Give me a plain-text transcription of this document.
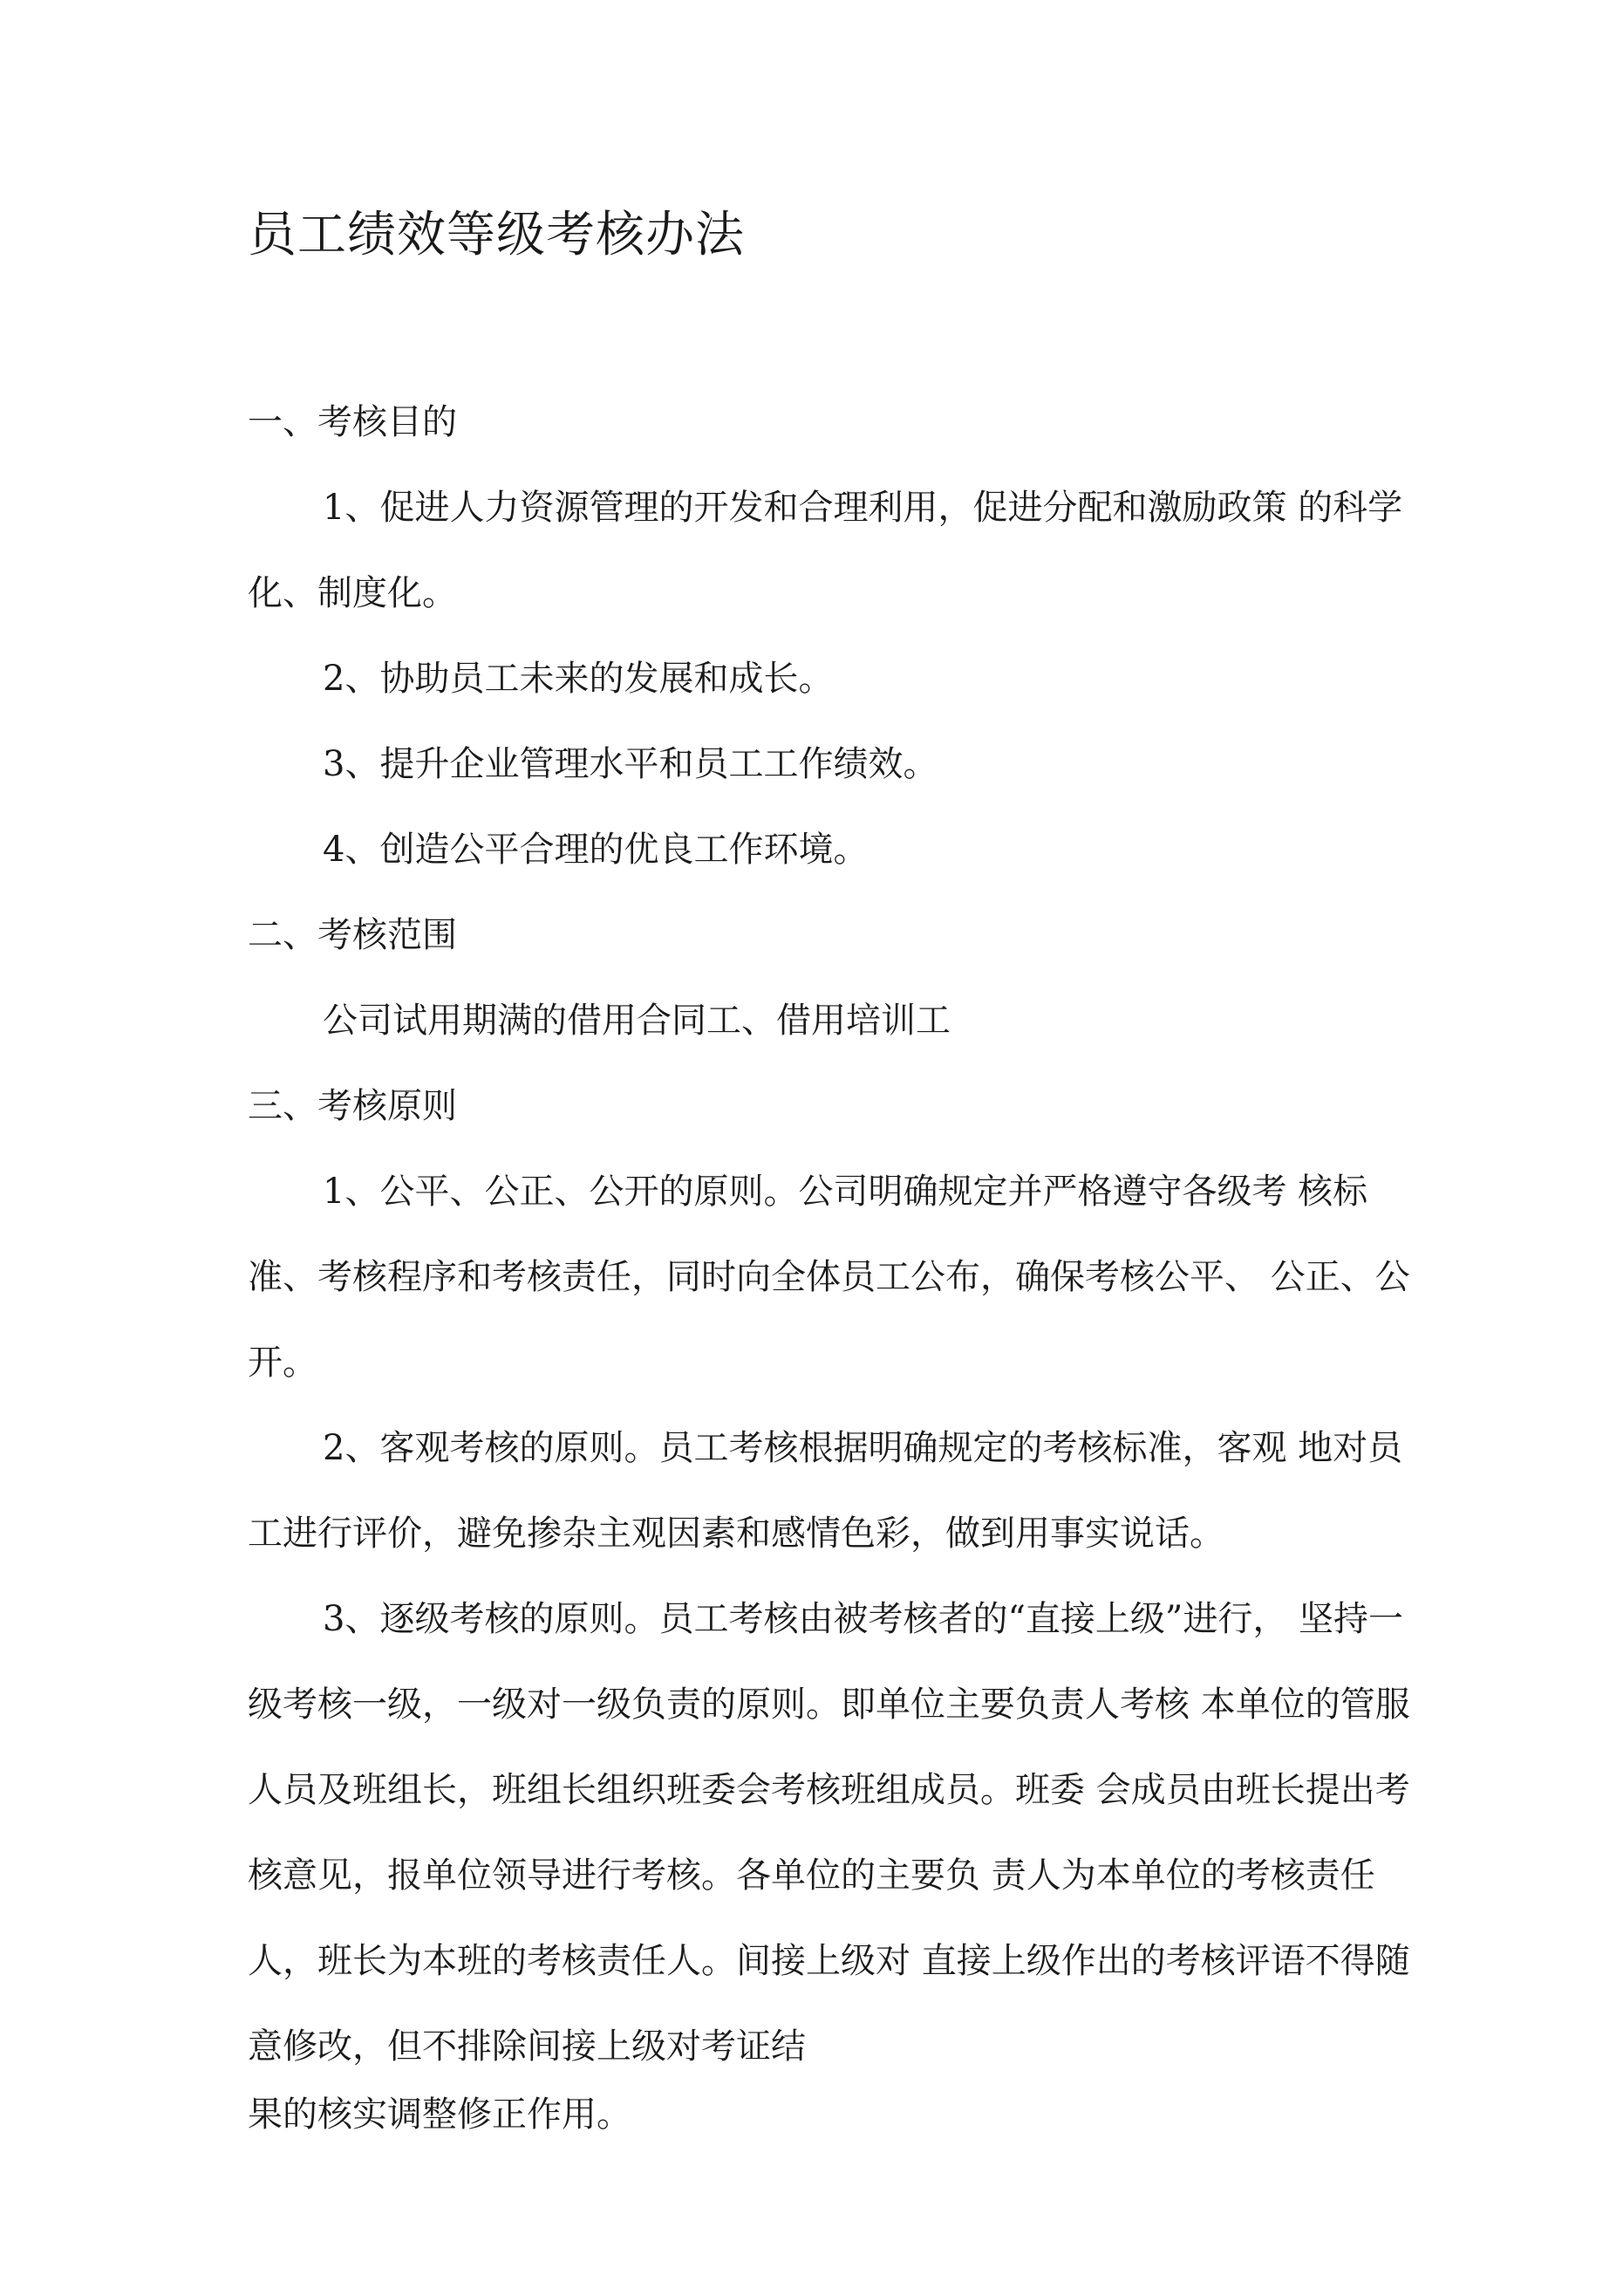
员工绩效等级考核办法

一、考核目的

1、促进人力资源管理的开发和合理利用，促进分配和激励政策 的科学化、制度化。

2、协助员工未来的发展和成长。

3、提升企业管理水平和员工工作绩效。

4、创造公平合理的优良工作环境。

二、考核范围

公司试用期满的借用合同工、借用培训工

三、考核原则

1、公平、公正、公开的原则。公司明确规定并严格遵守各级考 核标准、考核程序和考核责任，同时向全体员工公布，确保考核公平、 公正、公开。

2、客观考核的原则。员工考核根据明确规定的考核标准，客观 地对员工进行评价，避免掺杂主观因素和感情色彩，做到用事实说话。

3、逐级考核的原则。员工考核由被考核者的“直接上级”进行， 坚持一级考核一级，一级对一级负责的原则。即单位主要负责人考核 本单位的管服人员及班组长，班组长组织班委会考核班组成员。班委 会成员由班长提出考核意见，报单位领导进行考核。各单位的主要负 责人为本单位的考核责任人，班长为本班的考核责任人。间接上级对 直接上级作出的考核评语不得随意修改，但不排除间接上级对考证结

果的核实调整修正作用。
